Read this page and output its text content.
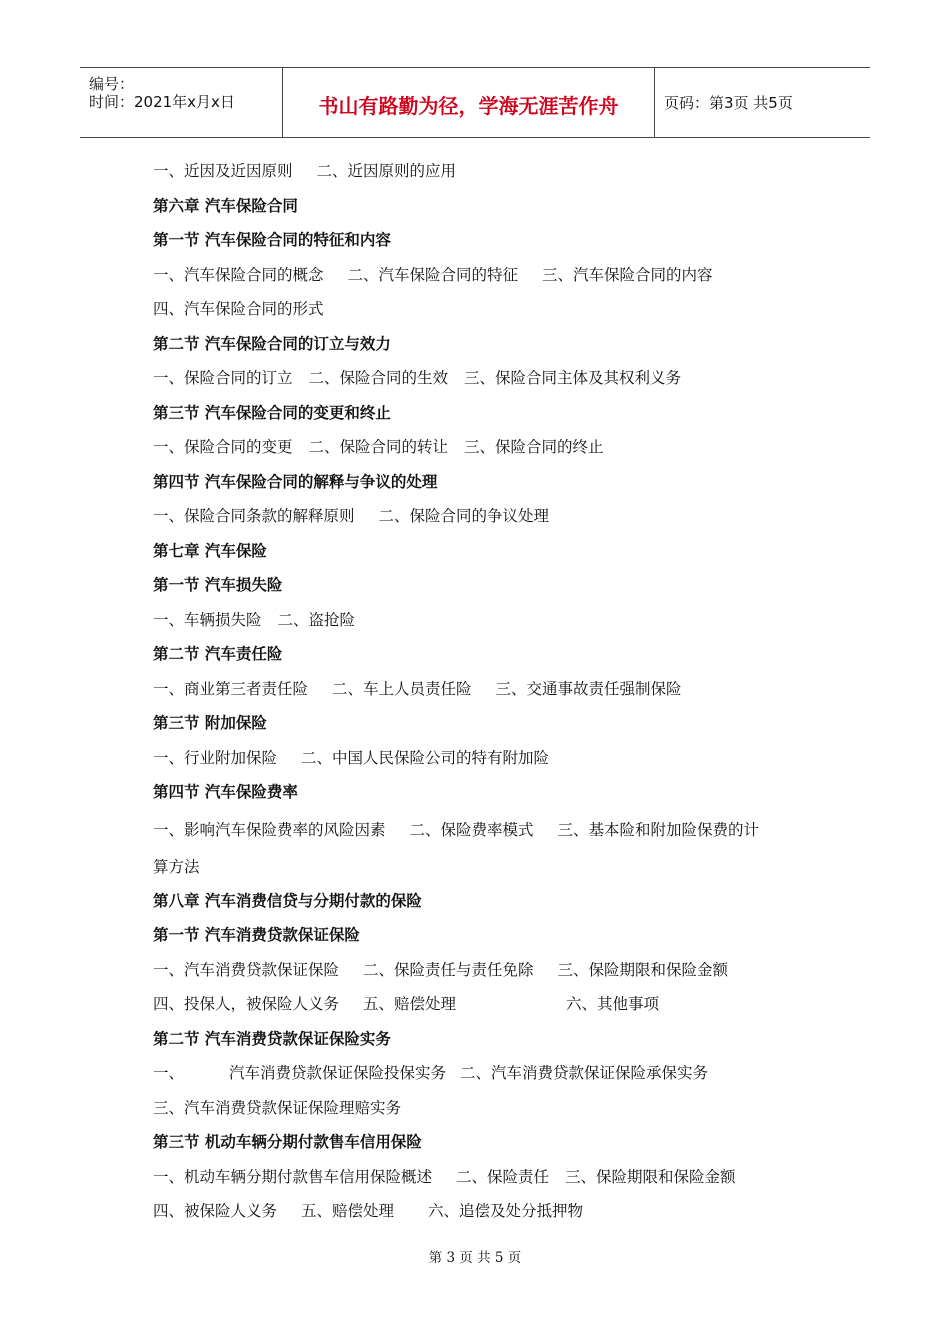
编号：
时间：2021年x月x日	书山有路勤为径，学海无涯苦作舟	页码：第3页 共5页
一、近因及近因原则 二、近因原则的应用
第六章 汽车保险合同
第一节 汽车保险合同的特征和内容
一、汽车保险合同的概念 二、汽车保险合同的特征 三、汽车保险合同的内容
四、汽车保险合同的形式
第二节 汽车保险合同的订立与效力
一、保险合同的订立 二、保险合同的生效 三、保险合同主体及其权利义务
第三节 汽车保险合同的变更和终止
一、保险合同的变更 二、保险合同的转让 三、保险合同的终止
第四节 汽车保险合同的解释与争议的处理
一、保险合同条款的解释原则 二、保险合同的争议处理
第七章 汽车保险
第一节 汽车损失险
一、车辆损失险 二、盗抢险
第二节 汽车责任险
一、商业第三者责任险 二、车上人员责任险 三、交通事故责任强制保险
第三节 附加保险
一、行业附加保险 二、中国人民保险公司的特有附加险
第四节 汽车保险费率
一、影响汽车保险费率的风险因素 二、保险费率模式 三、基本险和附加险保费的计
算方法
第八章 汽车消费信贷与分期付款的保险
第一节 汽车消费贷款保证保险
一、汽车消费贷款保证保险 二、保险责任与责任免除 三、保险期限和保险金额
四、投保人，被保险人义务 五、赔偿处理	六、其他事项
第二节 汽车消费贷款保证保险实务
一、	汽车消费贷款保证保险投保实务 二、汽车消费贷款保证保险承保实务
三、汽车消费贷款保证保险理赔实务
第三节 机动车辆分期付款售车信用保险
一、机动车辆分期付款售车信用保险概述 二、保险责任 三、保险期限和保险金额
四、被保险人义务 五、赔偿处理 六、追偿及处分抵押物
第 3 页 共 5 页
